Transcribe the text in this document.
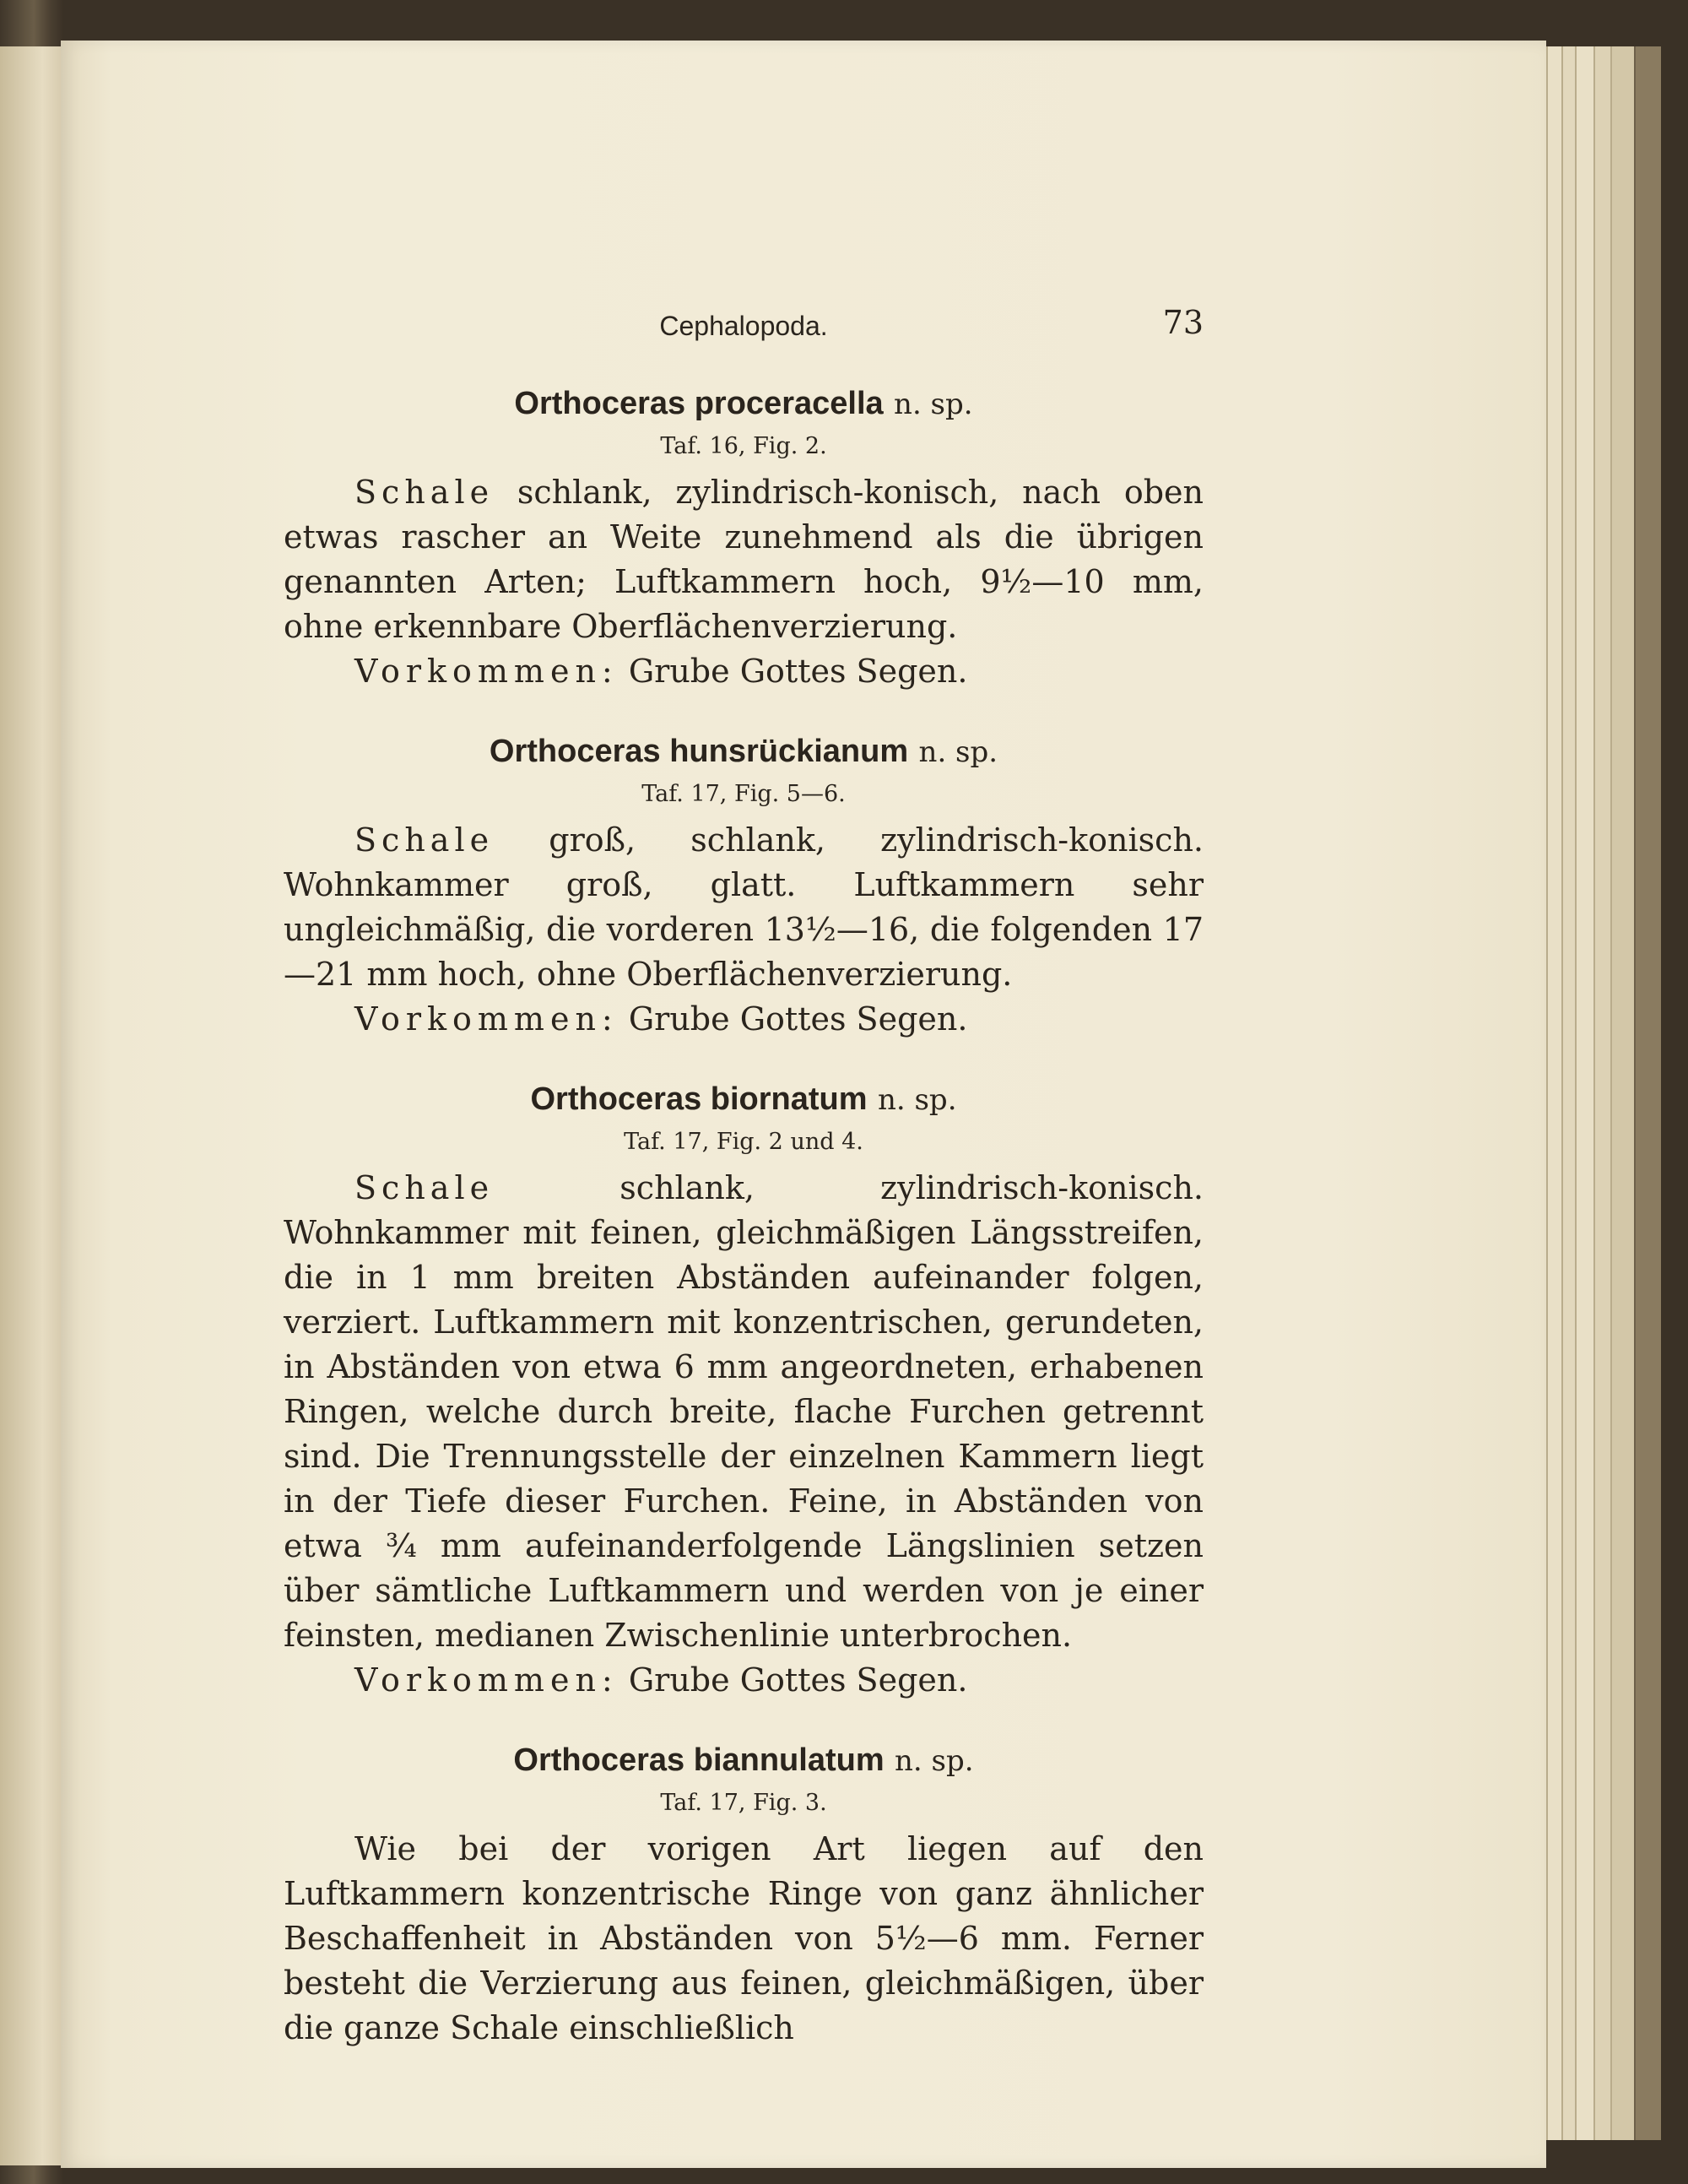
Cephalopoda.	73
Orthoceras proceracella n. sp.
Taf. 16, Fig. 2.

Schale schlank, zylindrisch-konisch, nach oben etwas rascher an Weite zunehmend als die übrigen genannten Arten; Luftkammern hoch, 9½—10 mm, ohne erkennbare Oberflächenverzierung.

Vorkommen: Grube Gottes Segen.

Orthoceras hunsrückianum n. sp.
Taf. 17, Fig. 5—6.

Schale groß, schlank, zylindrisch-konisch. Wohnkammer groß, glatt. Luftkammern sehr ungleichmäßig, die vorderen 13½—16, die folgenden 17—21 mm hoch, ohne Oberflächenverzierung.

Vorkommen: Grube Gottes Segen.

Orthoceras biornatum n. sp.
Taf. 17, Fig. 2 und 4.

Schale schlank, zylindrisch-konisch. Wohnkammer mit feinen, gleichmäßigen Längsstreifen, die in 1 mm breiten Abständen aufeinander folgen, verziert. Luftkammern mit konzentrischen, gerundeten, in Abständen von etwa 6 mm angeordneten, erhabenen Ringen, welche durch breite, flache Furchen getrennt sind. Die Trennungsstelle der einzelnen Kammern liegt in der Tiefe dieser Furchen. Feine, in Abständen von etwa ¾ mm aufeinanderfolgende Längslinien setzen über sämtliche Luftkammern und werden von je einer feinsten, medianen Zwischenlinie unterbrochen.

Vorkommen: Grube Gottes Segen.

Orthoceras biannulatum n. sp.
Taf. 17, Fig. 3.

Wie bei der vorigen Art liegen auf den Luftkammern konzentrische Ringe von ganz ähnlicher Beschaffenheit in Abständen von 5½—6 mm. Ferner besteht die Verzierung aus feinen, gleichmäßigen, über die ganze Schale einschließlich
